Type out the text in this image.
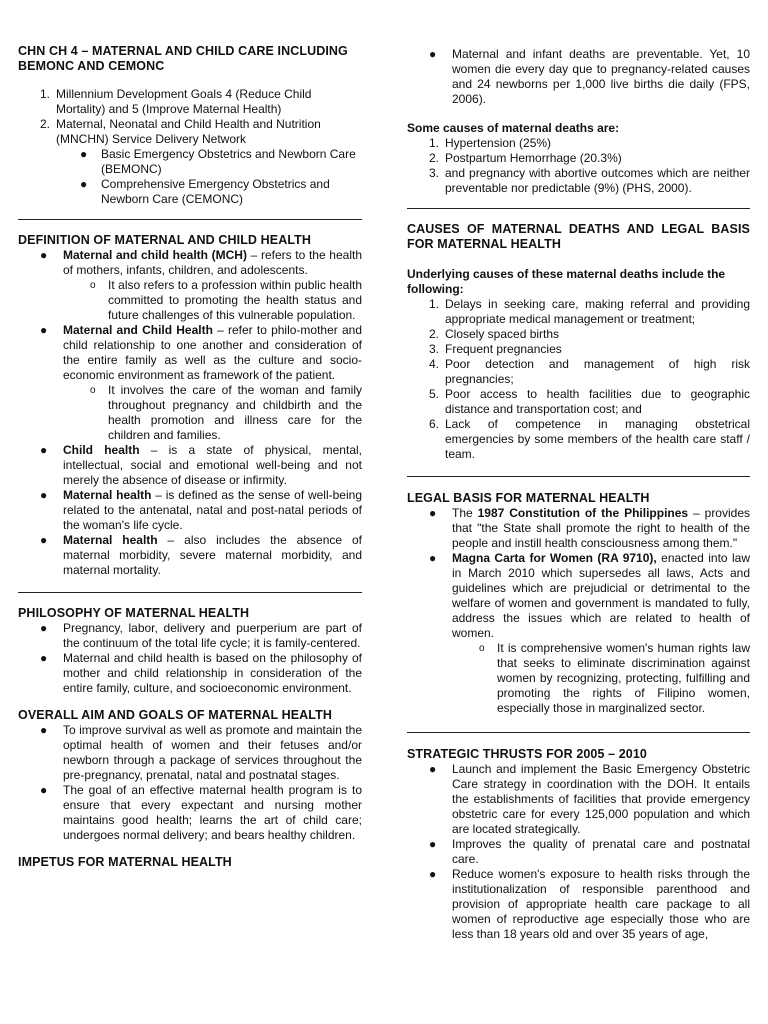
CHN CH 4 – MATERNAL AND CHILD CARE INCLUDING BEMONC AND CEMONC
1. Millennium Development Goals 4 (Reduce Child Mortality) and 5 (Improve Maternal Health)
2. Maternal, Neonatal and Child Health and Nutrition (MNCHN) Service Delivery Network
● Basic Emergency Obstetrics and Newborn Care (BEMONC)
● Comprehensive Emergency Obstetrics and Newborn Care (CEMONC)
DEFINITION OF MATERNAL AND CHILD HEALTH
● Maternal and child health (MCH) – refers to the health of mothers, infants, children, and adolescents.
o It also refers to a profession within public health committed to promoting the health status and future challenges of this vulnerable population.
● Maternal and Child Health – refer to philo-mother and child relationship to one another and consideration of the entire family as well as the culture and socio-economic environment as framework of the patient.
o It involves the care of the woman and family throughout pregnancy and childbirth and the health promotion and illness care for the children and families.
● Child health – is a state of physical, mental, intellectual, social and emotional well-being and not merely the absence of disease or infirmity.
● Maternal health – is defined as the sense of well-being related to the antenatal, natal and post-natal periods of the woman's life cycle.
● Maternal health – also includes the absence of maternal morbidity, severe maternal morbidity, and maternal mortality.
PHILOSOPHY OF MATERNAL HEALTH
● Pregnancy, labor, delivery and puerperium are part of the continuum of the total life cycle; it is family-centered.
● Maternal and child health is based on the philosophy of mother and child relationship in consideration of the entire family, culture, and socioeconomic environment.
OVERALL AIM AND GOALS OF MATERNAL HEALTH
● To improve survival as well as promote and maintain the optimal health of women and their fetuses and/or newborn through a package of services throughout the pre-pregnancy, prenatal, natal and postnatal stages.
● The goal of an effective maternal health program is to ensure that every expectant and nursing mother maintains good health; learns the art of child care; undergoes normal delivery; and bears healthy children.
IMPETUS FOR MATERNAL HEALTH
● Maternal and infant deaths are preventable. Yet, 10 women die every day que to pregnancy-related causes and 24 newborns per 1,000 live births die daily (FPS, 2006).

Some causes of maternal deaths are:

1. Hypertension (25%)
2. Postpartum Hemorrhage (20.3%)
3. and pregnancy with abortive outcomes which are neither preventable nor predictable (9%) (PHS, 2000).
CAUSES OF MATERNAL DEATHS AND LEGAL BASIS FOR MATERNAL HEALTH

Underlying causes of these maternal deaths include the following:

1. Delays in seeking care, making referral and providing appropriate medical management or treatment;
2. Closely spaced births
3. Frequent pregnancies
4. Poor detection and management of high risk pregnancies;
5. Poor access to health facilities due to geographic distance and transportation cost; and
6. Lack of competence in managing obstetrical emergencies by some members of the health care staff / team.
LEGAL BASIS FOR MATERNAL HEALTH
● The 1987 Constitution of the Philippines – provides that "the State shall promote the right to health of the people and instill health consciousness among them."
● Magna Carta for Women (RA 9710), enacted into law in March 2010 which supersedes all laws, Acts and guidelines which are prejudicial or detrimental to the welfare of women and government is mandated to fully, address the issues which are related to health of women.
o It is comprehensive women's human rights law that seeks to eliminate discrimination against women by recognizing, protecting, fulfilling and promoting the rights of Filipino women, especially those in marginalized sector.
STRATEGIC THRUSTS FOR 2005 – 2010
● Launch and implement the Basic Emergency Obstetric Care strategy in coordination with the DOH. It entails the establishments of facilities that provide emergency obstetric care for every 125,000 population and which are located strategically.
● Improves the quality of prenatal care and postnatal care.
● Reduce women's exposure to health risks through the institutionalization of responsible parenthood and provision of appropriate health care package to all women of reproductive age especially those who are less than 18 years old and over 35 years of age,
